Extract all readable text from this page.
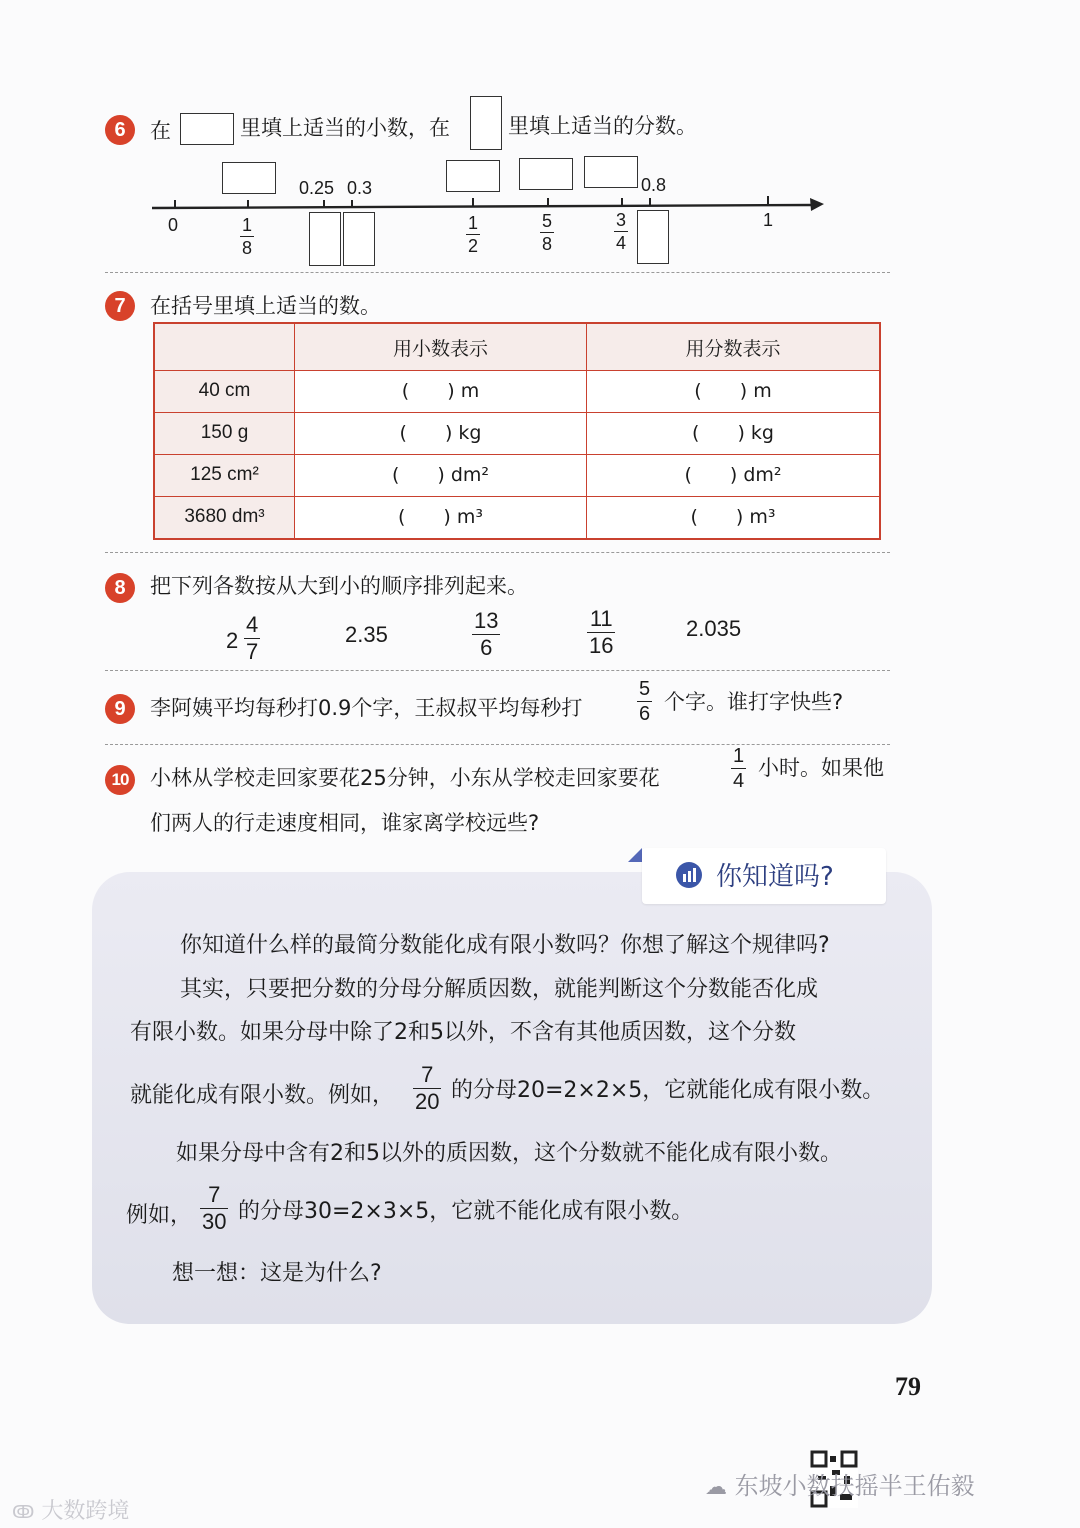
6	在	里填上适当的小数，在	里填上适当的分数。
0.25 0.3	0.8
0	1
1
8
1
2
5
8
3
4
7	在括号里填上适当的数。
	用小数表示	用分数表示
40 cm	(   ) m	(   ) m
150 g	(   ) kg	(   ) kg
125 cm²	(   ) dm²	(   ) dm²
3680 dm³	(   ) m³	(   ) m³
8	把下列各数按从大到小的顺序排列起来。
2
4
7
2.35
13
6
11
16
2.035
9	李阿姨平均每秒打0.9个字，王叔叔平均每秒打
5
6 个字。谁打字快些?
10	小林从学校走回家要花25分钟，小东从学校走回家要花
1
4
小时。如果他
们两人的行走速度相同，谁家离学校远些?
你知道吗?
你知道什么样的最简分数能化成有限小数吗？你想了解这个规律吗?
其实，只要把分数的分母分解质因数，就能判断这个分数能否化成
有限小数。如果分母中除了2和5以外，不含有其他质因数，这个分数
就能化成有限小数。例如，
7
20 的分母20=2×2×5，它就能化成有限小数。
如果分母中含有2和5以外的质因数，这个分数就不能化成有限小数。
例如，
7
30 的分母30=2×3×5，它就不能化成有限小数。
想一想：这是为什么?
79
ↂ 大数跨境
☁ 东坡小数扶摇半王佑毅
